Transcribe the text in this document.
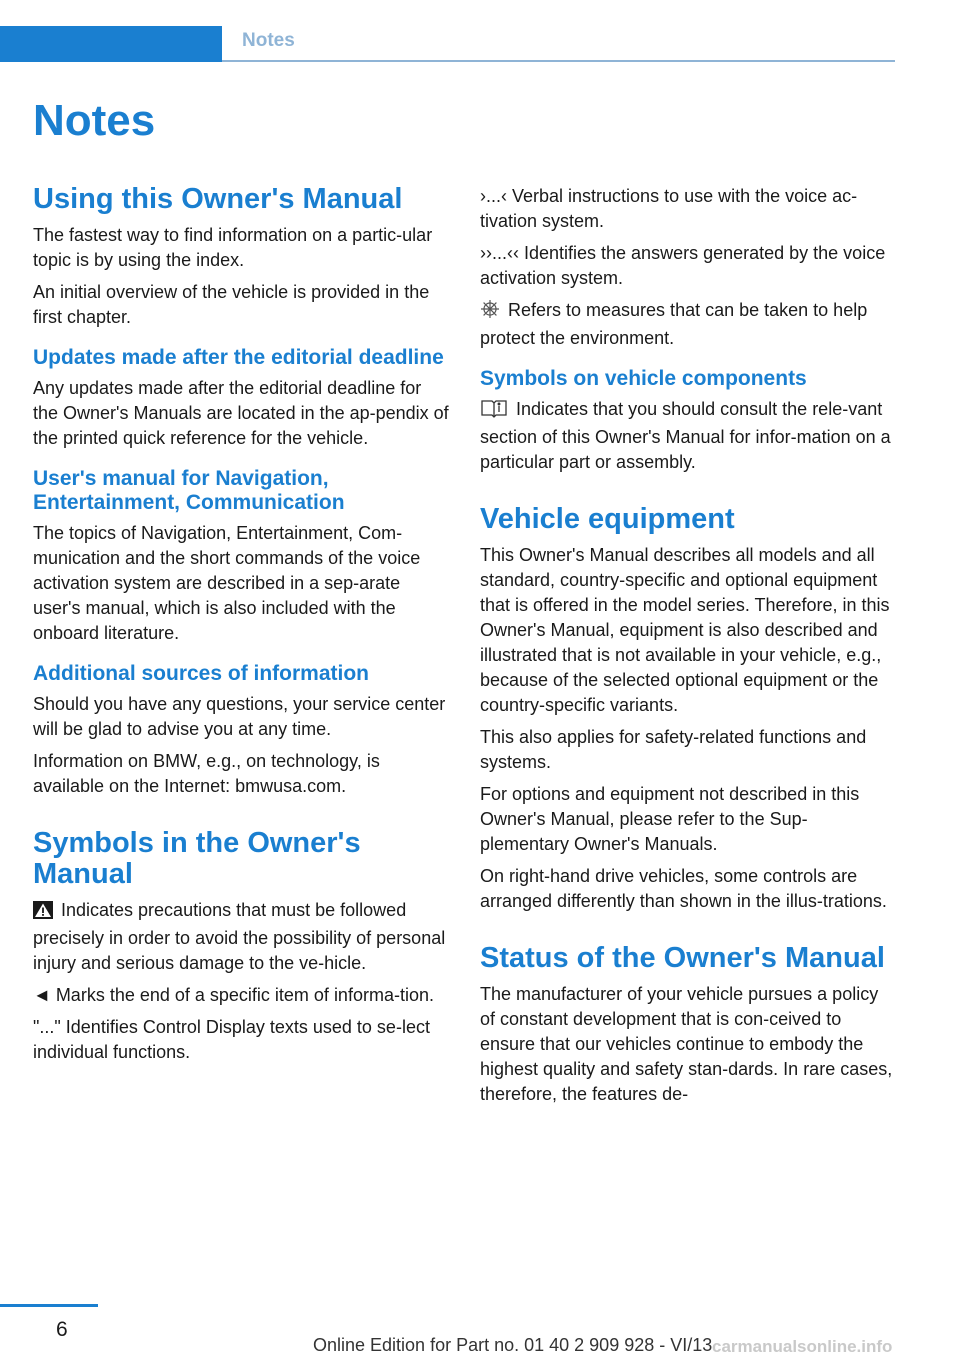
Notes
Notes
Using this Owner's Manual

The fastest way to find information on a partic‐ular topic is by using the index.

An initial overview of the vehicle is provided in the first chapter.

Updates made after the editorial deadline

Any updates made after the editorial deadline for the Owner's Manuals are located in the ap‐pendix of the printed quick reference for the vehicle.

User's manual for Navigation, Entertainment, Communication

The topics of Navigation, Entertainment, Com‐munication and the short commands of the voice activation system are described in a sep‐arate user's manual, which is also included with the onboard literature.

Additional sources of information

Should you have any questions, your service center will be glad to advise you at any time.

Information on BMW, e.g., on technology, is available on the Internet: bmwusa.com.

Symbols in the Owner's Manual

Indicates precautions that must be followed precisely in order to avoid the possibility of personal injury and serious damage to the ve‐hicle.

◄ Marks the end of a specific item of informa‐tion.

"..." Identifies Control Display texts used to se‐lect individual functions.

›...‹ Verbal instructions to use with the voice ac‐tivation system.

››...‹‹ Identifies the answers generated by the voice activation system.

Refers to measures that can be taken to help protect the environment.

Symbols on vehicle components

Indicates that you should consult the rele‐vant section of this Owner's Manual for infor‐mation on a particular part or assembly.

Vehicle equipment

This Owner's Manual describes all models and all standard, country-specific and optional equipment that is offered in the model series. Therefore, in this Owner's Manual, equipment is also described and illustrated that is not available in your vehicle, e.g., because of the selected optional equipment or the country-specific variants.

This also applies for safety-related functions and systems.

For options and equipment not described in this Owner's Manual, please refer to the Sup‐plementary Owner's Manuals.

On right-hand drive vehicles, some controls are arranged differently than shown in the illus‐trations.

Status of the Owner's Manual

The manufacturer of your vehicle pursues a policy of constant development that is con‐ceived to ensure that our vehicles continue to embody the highest quality and safety stan‐dards. In rare cases, therefore, the features de‐

6
Online Edition for Part no. 01 40 2 909 928 - VI/13 carmanualsonline.info
